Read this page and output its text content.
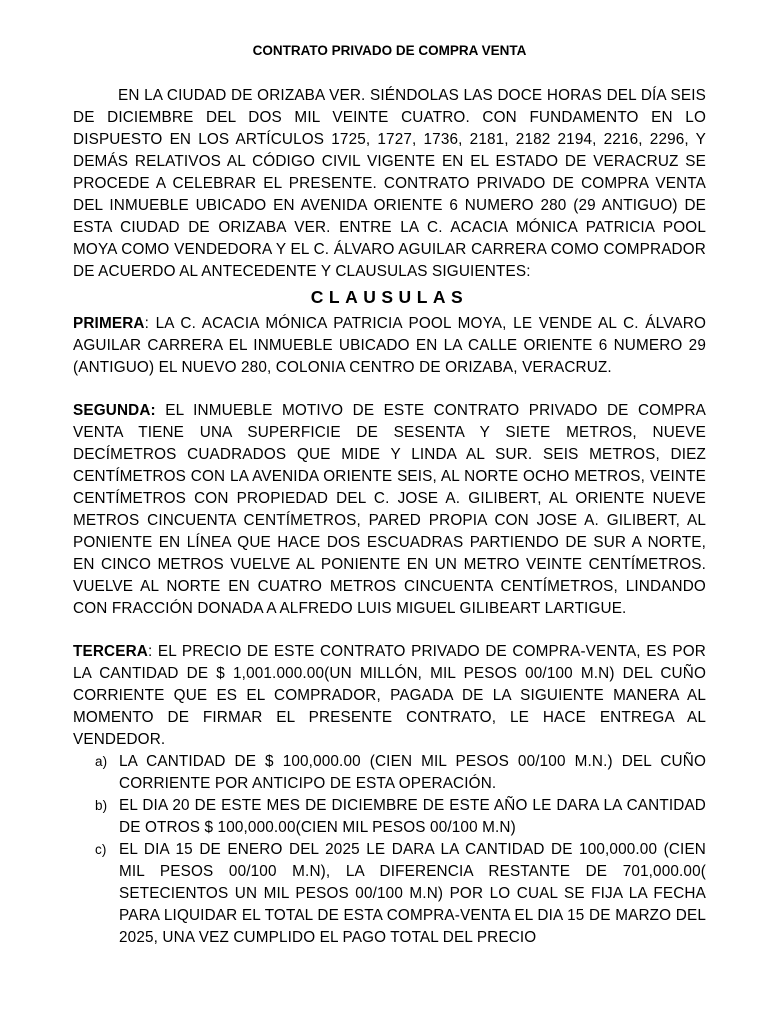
CONTRATO PRIVADO DE COMPRA VENTA

EN LA CIUDAD DE ORIZABA VER. SIÉNDOLAS LAS DOCE HORAS DEL DÍA SEIS DE DICIEMBRE DEL DOS MIL VEINTE CUATRO. CON FUNDAMENTO EN LO DISPUESTO EN LOS ARTÍCULOS 1725, 1727, 1736, 2181, 2182 2194, 2216, 2296, Y DEMÁS RELATIVOS AL CÓDIGO CIVIL VIGENTE EN EL ESTADO DE VERACRUZ SE PROCEDE A CELEBRAR EL PRESENTE. CONTRATO PRIVADO DE COMPRA VENTA DEL INMUEBLE UBICADO EN AVENIDA ORIENTE 6 NUMERO 280 (29 ANTIGUO) DE ESTA CIUDAD DE ORIZABA VER. ENTRE LA C. ACACIA MÓNICA PATRICIA POOL MOYA COMO VENDEDORA Y EL C. ÁLVARO AGUILAR CARRERA COMO COMPRADOR DE ACUERDO AL ANTECEDENTE Y CLAUSULAS SIGUIENTES:

CLAUSULAS

PRIMERA: LA C. ACACIA MÓNICA PATRICIA POOL MOYA, LE VENDE AL C. ÁLVARO AGUILAR CARRERA EL INMUEBLE UBICADO EN LA CALLE ORIENTE 6 NUMERO 29 (ANTIGUO) EL NUEVO 280, COLONIA CENTRO DE ORIZABA, VERACRUZ.

SEGUNDA: EL INMUEBLE MOTIVO DE ESTE CONTRATO PRIVADO DE COMPRA VENTA TIENE UNA SUPERFICIE DE SESENTA Y SIETE METROS, NUEVE DECÍMETROS CUADRADOS QUE MIDE Y LINDA AL SUR. SEIS METROS, DIEZ CENTÍMETROS CON LA AVENIDA ORIENTE SEIS, AL NORTE OCHO METROS, VEINTE CENTÍMETROS CON PROPIEDAD DEL C. JOSE A. GILIBERT, AL ORIENTE NUEVE METROS CINCUENTA CENTÍMETROS, PARED PROPIA CON JOSE A. GILIBERT, AL PONIENTE EN LÍNEA QUE HACE DOS ESCUADRAS PARTIENDO DE SUR A NORTE, EN CINCO METROS VUELVE AL PONIENTE EN UN METRO VEINTE CENTÍMETROS. VUELVE AL NORTE EN CUATRO METROS CINCUENTA CENTÍMETROS, LINDANDO CON FRACCIÓN DONADA A ALFREDO LUIS MIGUEL GILIBEART LARTIGUE.

TERCERA: EL PRECIO DE ESTE CONTRATO PRIVADO DE COMPRA-VENTA, ES POR LA CANTIDAD DE $ 1,001.000.00(UN MILLÓN, MIL PESOS 00/100 M.N) DEL CUÑO CORRIENTE QUE ES EL COMPRADOR, PAGADA DE LA SIGUIENTE MANERA AL MOMENTO DE FIRMAR EL PRESENTE CONTRATO, LE HACE ENTREGA AL VENDEDOR.

a) LA CANTIDAD DE $ 100,000.00 (CIEN MIL PESOS 00/100 M.N.) DEL CUÑO CORRIENTE POR ANTICIPO DE ESTA OPERACIÓN.
b) EL DIA 20 DE ESTE MES DE DICIEMBRE DE ESTE AÑO LE DARA LA CANTIDAD DE OTROS $ 100,000.00(CIEN MIL PESOS 00/100 M.N)
c) EL DIA 15 DE ENERO DEL 2025 LE DARA LA CANTIDAD DE 100,000.00 (CIEN MIL PESOS 00/100 M.N), LA DIFERENCIA RESTANTE DE 701,000.00( SETECIENTOS UN MIL PESOS 00/100 M.N) POR LO CUAL SE FIJA LA FECHA PARA LIQUIDAR EL TOTAL DE ESTA COMPRA-VENTA EL DIA 15 DE MARZO DEL 2025, UNA VEZ CUMPLIDO EL PAGO TOTAL DEL PRECIO
